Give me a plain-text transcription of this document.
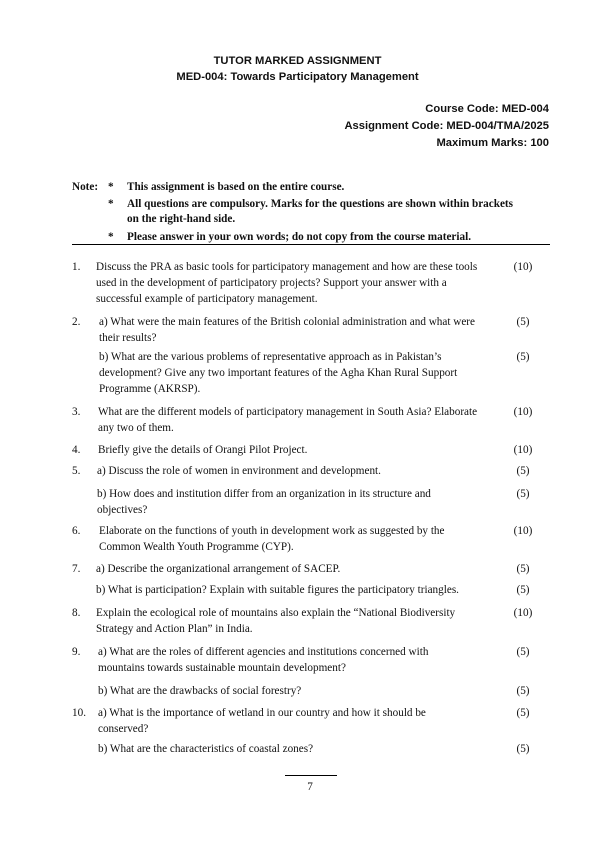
TUTOR MARKED ASSIGNMENT
MED-004: Towards Participatory Management
Course Code: MED-004
Assignment Code: MED-004/TMA/2025
Maximum Marks: 100
Note: * This assignment is based on the entire course.
* All questions are compulsory. Marks for the questions are shown within brackets
on the right-hand side.
* Please answer in your own words; do not copy from the course material.
1. Discuss the PRA as basic tools for participatory management and how are these tools used in the development of participatory projects? Support your answer with a successful example of participatory management.
(10)
2. a) What were the main features of the British colonial administration and what were their results?
(5)
b) What are the various problems of representative approach as in Pakistan’s development? Give any two important features of the Agha Khan Rural Support Programme (AKRSP).
(5)
3. What are the different models of participatory management in South Asia? Elaborate any two of them.
(10)
4. Briefly give the details of Orangi Pilot Project.	(10)
5. a) Discuss the role of women in environment and development.	(5)
b) How does and institution differ from an organization in its structure and objectives?
(5)
6. Elaborate on the functions of youth in development work as suggested by the Common Wealth Youth Programme (CYP).
(10)
7. a) Describe the organizational arrangement of SACEP.	(5)
b) What is participation? Explain with suitable figures the participatory triangles.	(5)
8. Explain the ecological role of mountains also explain the “National Biodiversity Strategy and Action Plan” in India.
(10)
9. a) What are the roles of different agencies and institutions concerned with mountains towards sustainable mountain development?
(5)
b) What are the drawbacks of social forestry?	(5)
10. a) What is the importance of wetland in our country and how it should be conserved?
(5)
b) What are the characteristics of coastal zones?	(5)
7
